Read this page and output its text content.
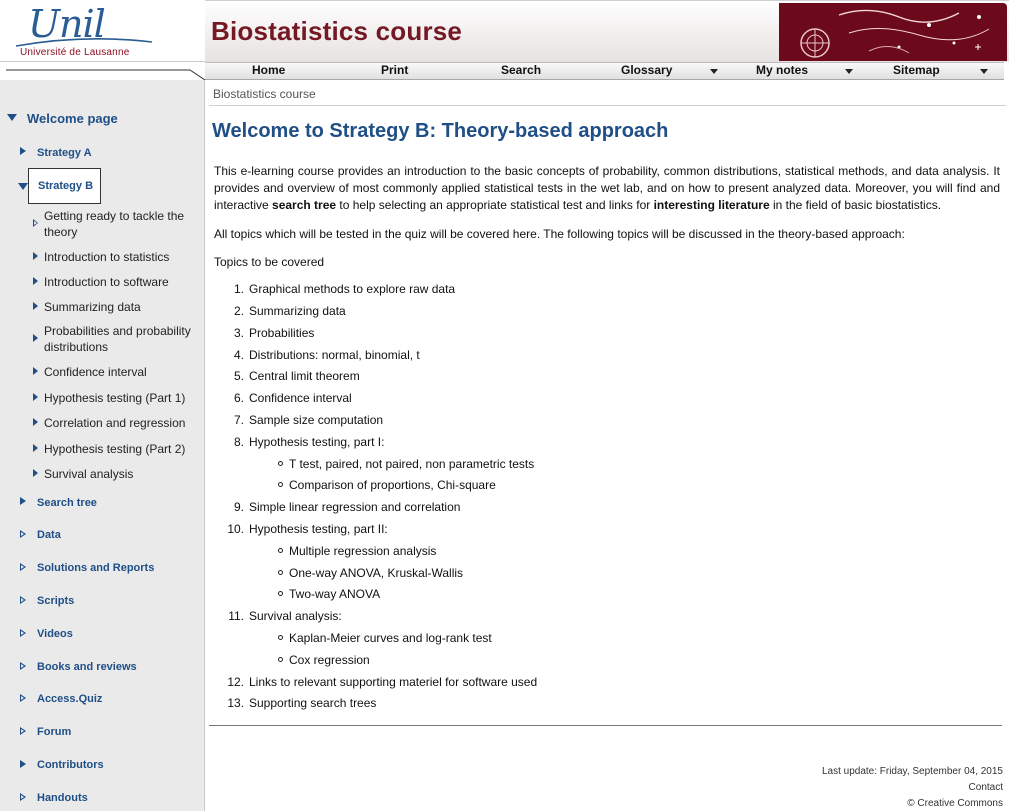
Unil
Université de Lausanne
Biostatistics course
Home	Print	Search	Glossary	My notes	Sitemap
Biostatistics course
Welcome page
Strategy A
Strategy B
Getting ready to tackle the theory
Introduction to statistics
Introduction to software
Summarizing data
Probabilities and probability distributions
Confidence interval
Hypothesis testing (Part 1)
Correlation and regression
Hypothesis testing (Part 2)
Survival analysis
Search tree
Data
Solutions and Reports
Scripts
Videos
Books and reviews
Access.Quiz
Forum
Contributors
Handouts
Welcome to Strategy B: Theory-based approach
This e-learning course provides an introduction to the basic concepts of probability, common distributions, statistical methods, and data analysis. It provides and overview of most commonly applied statistical tests in the wet lab, and on how to present analyzed data. Moreover, you will find and interactive search tree to help selecting an appropriate statistical test and links for interesting literature in the field of basic biostatistics.
All topics which will be tested in the quiz will be covered here. The following topics will be discussed in the theory-based approach:
Topics to be covered
1. Graphical methods to explore raw data
2. Summarizing data
3. Probabilities
4. Distributions: normal, binomial, t
5. Central limit theorem
6. Confidence interval
7. Sample size computation
8. Hypothesis testing, part I:
T test, paired, not paired, non parametric tests
Comparison of proportions, Chi-square
9. Simple linear regression and correlation
10. Hypothesis testing, part II:
Multiple regression analysis
One-way ANOVA, Kruskal-Wallis
Two-way ANOVA
11. Survival analysis:
Kaplan-Meier curves and log-rank test
Cox regression
12. Links to relevant supporting materiel for software used
13. Supporting search trees
Last update: Friday, September 04, 2015
Contact
© Creative Commons
